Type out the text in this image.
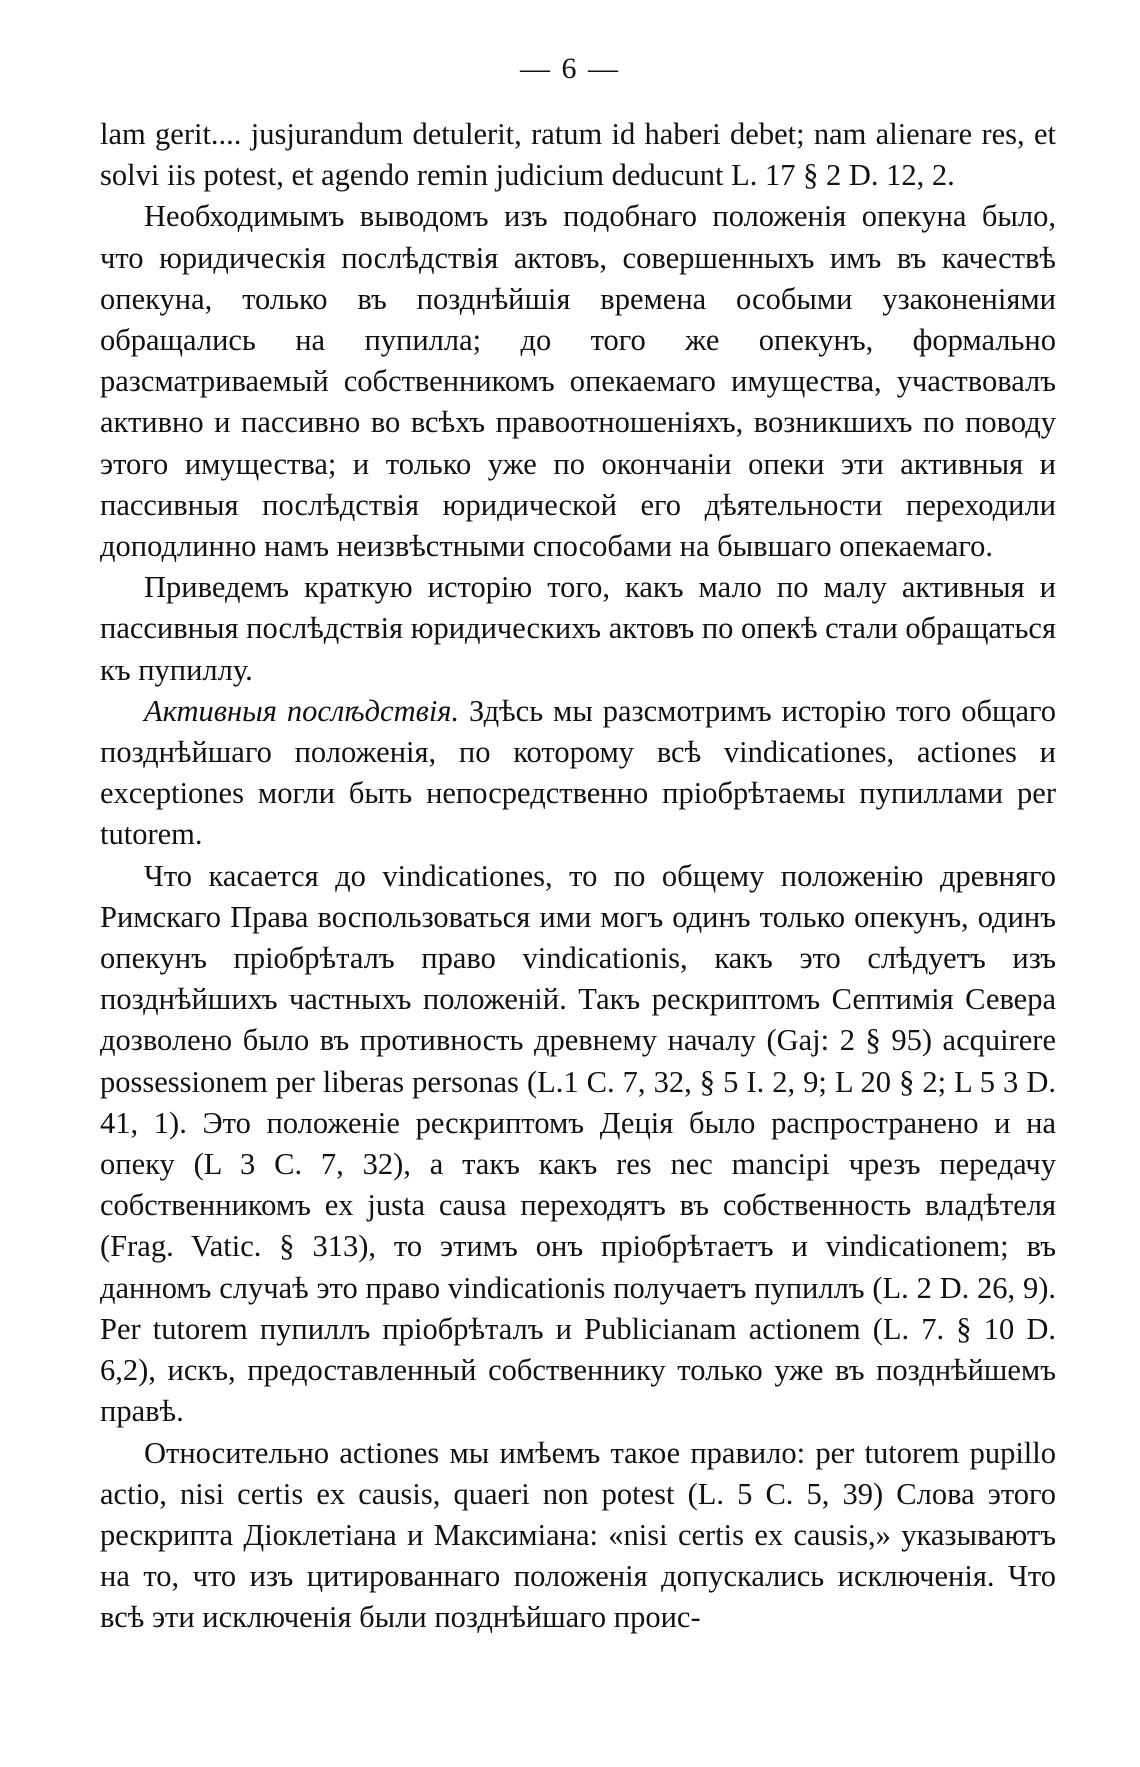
— 6 —

lam gerit.... jusjurandum detulerit, ratum id haberi debet; nam alienare res, et solvi iis potest, et agendo remin judicium deducunt L. 17 § 2 D. 12, 2.

Необходимымъ выводомъ изъ подобнаго положенія опекуна было, что юридическія послѣдствія актовъ, совершенныхъ имъ въ качествѣ опекуна, только въ позднѣйшія времена особыми узаконеніями обращались на пупилла; до того же опекунъ, формально разсматриваемый собственникомъ опекаемаго имущества, участвовалъ активно и пассивно во всѣхъ правоотношеніяхъ, возникшихъ по поводу этого имущества; и только уже по окончаніи опеки эти активныя и пассивныя послѣдствія юридической его дѣятельности переходили доподлинно намъ неизвѣстными способами на бывшаго опекаемаго.

Приведемъ краткую исторію того, какъ мало по малу активныя и пассивныя послѣдствія юридическихъ актовъ по опекѣ стали обращаться къ пупиллу.

Активныя послѣдствія. Здѣсь мы разсмотримъ исторію того общаго позднѣйшаго положенія, по которому всѣ vindicationes, actiones и exceptiones могли быть непосредственно пріобрѣтаемы пупиллами per tutorem.

Что касается до vindicationes, то по общему положенію древняго Римскаго Права воспользоваться ими могъ одинъ только опекунъ, одинъ опекунъ пріобрѣталъ право vindicationis, какъ это слѣдуетъ изъ позднѣйшихъ частныхъ положеній. Такъ рескриптомъ Септимія Севера дозволено было въ противность древнему началу (Gaj: 2 § 95) acquirere possessionem per liberas personas (L.1 C. 7, 32, § 5 I. 2, 9; L 20 § 2; L 5 3 D. 41, 1). Это положеніе рескриптомъ Деція было распространено и на опеку (L 3 C. 7, 32), а такъ какъ res nec mancipi чрезъ передачу собственникомъ ex justa causa переходятъ въ собственность владѣтеля (Frag. Vatic. § 313), то этимъ онъ пріобрѣтаетъ и vindicationem; въ данномъ случаѣ это право vindicationis получаетъ пупиллъ (L. 2 D. 26, 9). Per tutorem пупиллъ пріобрѣталъ и Publicianam actionem (L. 7. § 10 D. 6,2), искъ, предоставленный собственнику только уже въ позднѣйшемъ правѣ.

Относительно actiones мы имѣемъ такое правило: per tutorem pupillo actio, nisi certis ex causis, quaeri non potest (L. 5 C. 5, 39) Слова этого рескрипта Діоклетіана и Максиміана: «nisi certis ex causis,» указываютъ на то, что изъ цитированнаго положенія допускались исключенія. Что всѣ эти исключенія были позднѣйшаго проис-
